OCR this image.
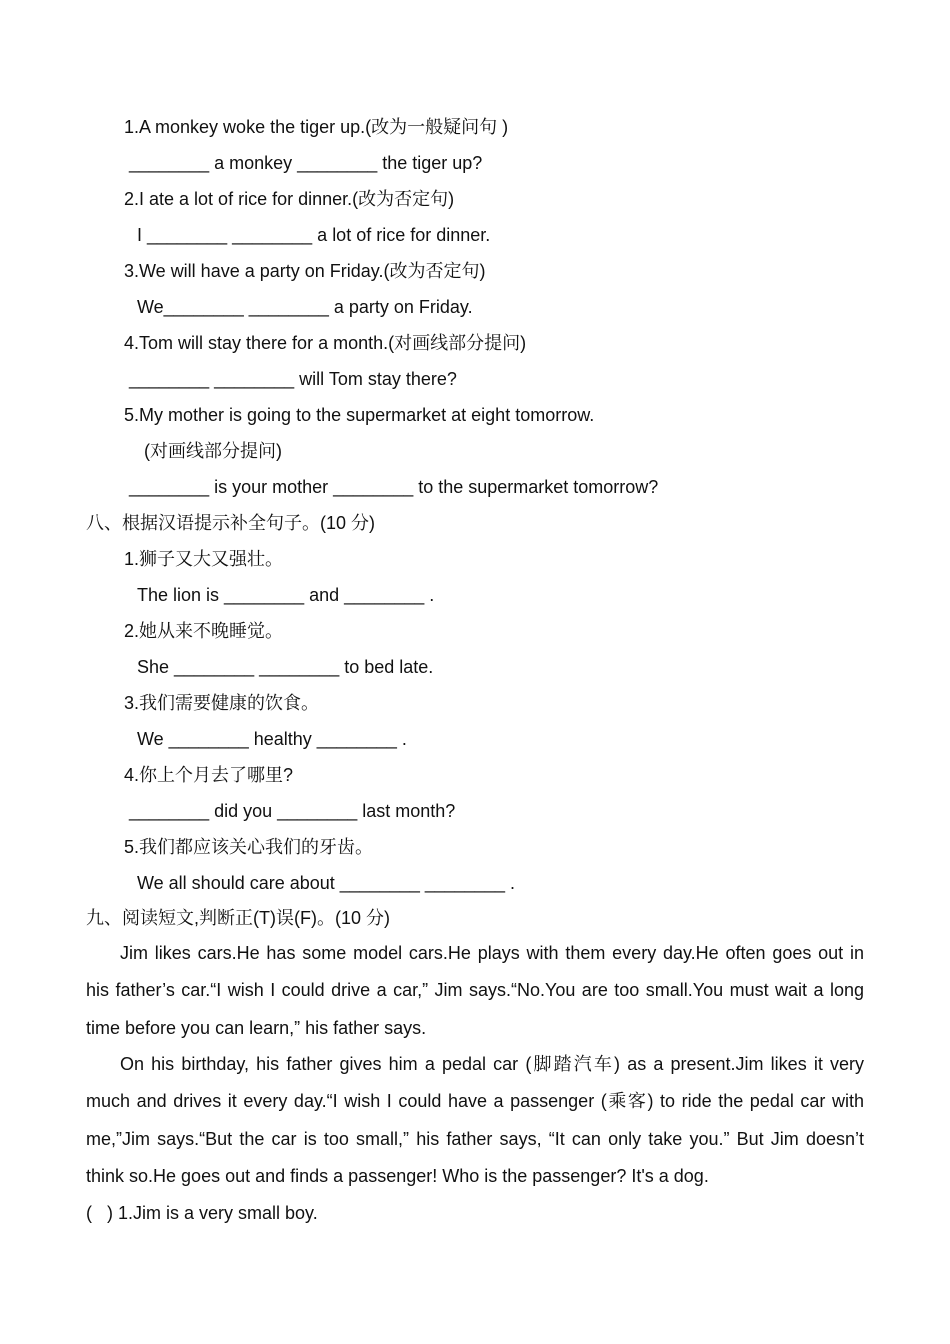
1.A monkey woke the tiger up.(改为一般疑问句 )
________ a monkey ________ the tiger up?
2.I ate a lot of rice for dinner.(改为否定句)
I ________ ________ a lot of rice for dinner.
3.We will have a party on Friday.(改为否定句)
We________ ________ a party on Friday.
4.Tom will stay there for a month.(对画线部分提问)
________ ________ will Tom stay there?
5.My mother is going to the supermarket at eight tomorrow.
(对画线部分提问)
________ is your mother ________ to the supermarket tomorrow?
八、根据汉语提示补全句子。(10 分)
1.狮子又大又强壮。
The lion is ________ and ________ .
2.她从来不晚睡觉。
She ________ ________ to bed late.
3.我们需要健康的饮食。
We ________ healthy ________ .
4.你上个月去了哪里?
________ did you ________ last month?
5.我们都应该关心我们的牙齿。
We all should care about ________ ________ .
九、阅读短文,判断正(T)误(F)。(10 分)
Jim likes cars.He has some model cars.He plays with them every day.He often goes out in his father’s car.“I wish I could drive a car,” Jim says.“No.You are too small.You must wait a long time before you can learn,” his father says.
On his birthday, his father gives him a pedal car (脚踏汽车) as a present.Jim likes it very much and drives it every day.“I wish I could have a passenger (乘客) to ride the pedal car with me,”Jim says.“But the car is too small,” his father says, “It can only take you.” But Jim doesn’t think so.He goes out and finds a passenger! Who is the passenger? It's a dog.
(   ) 1.Jim is a very small boy.
